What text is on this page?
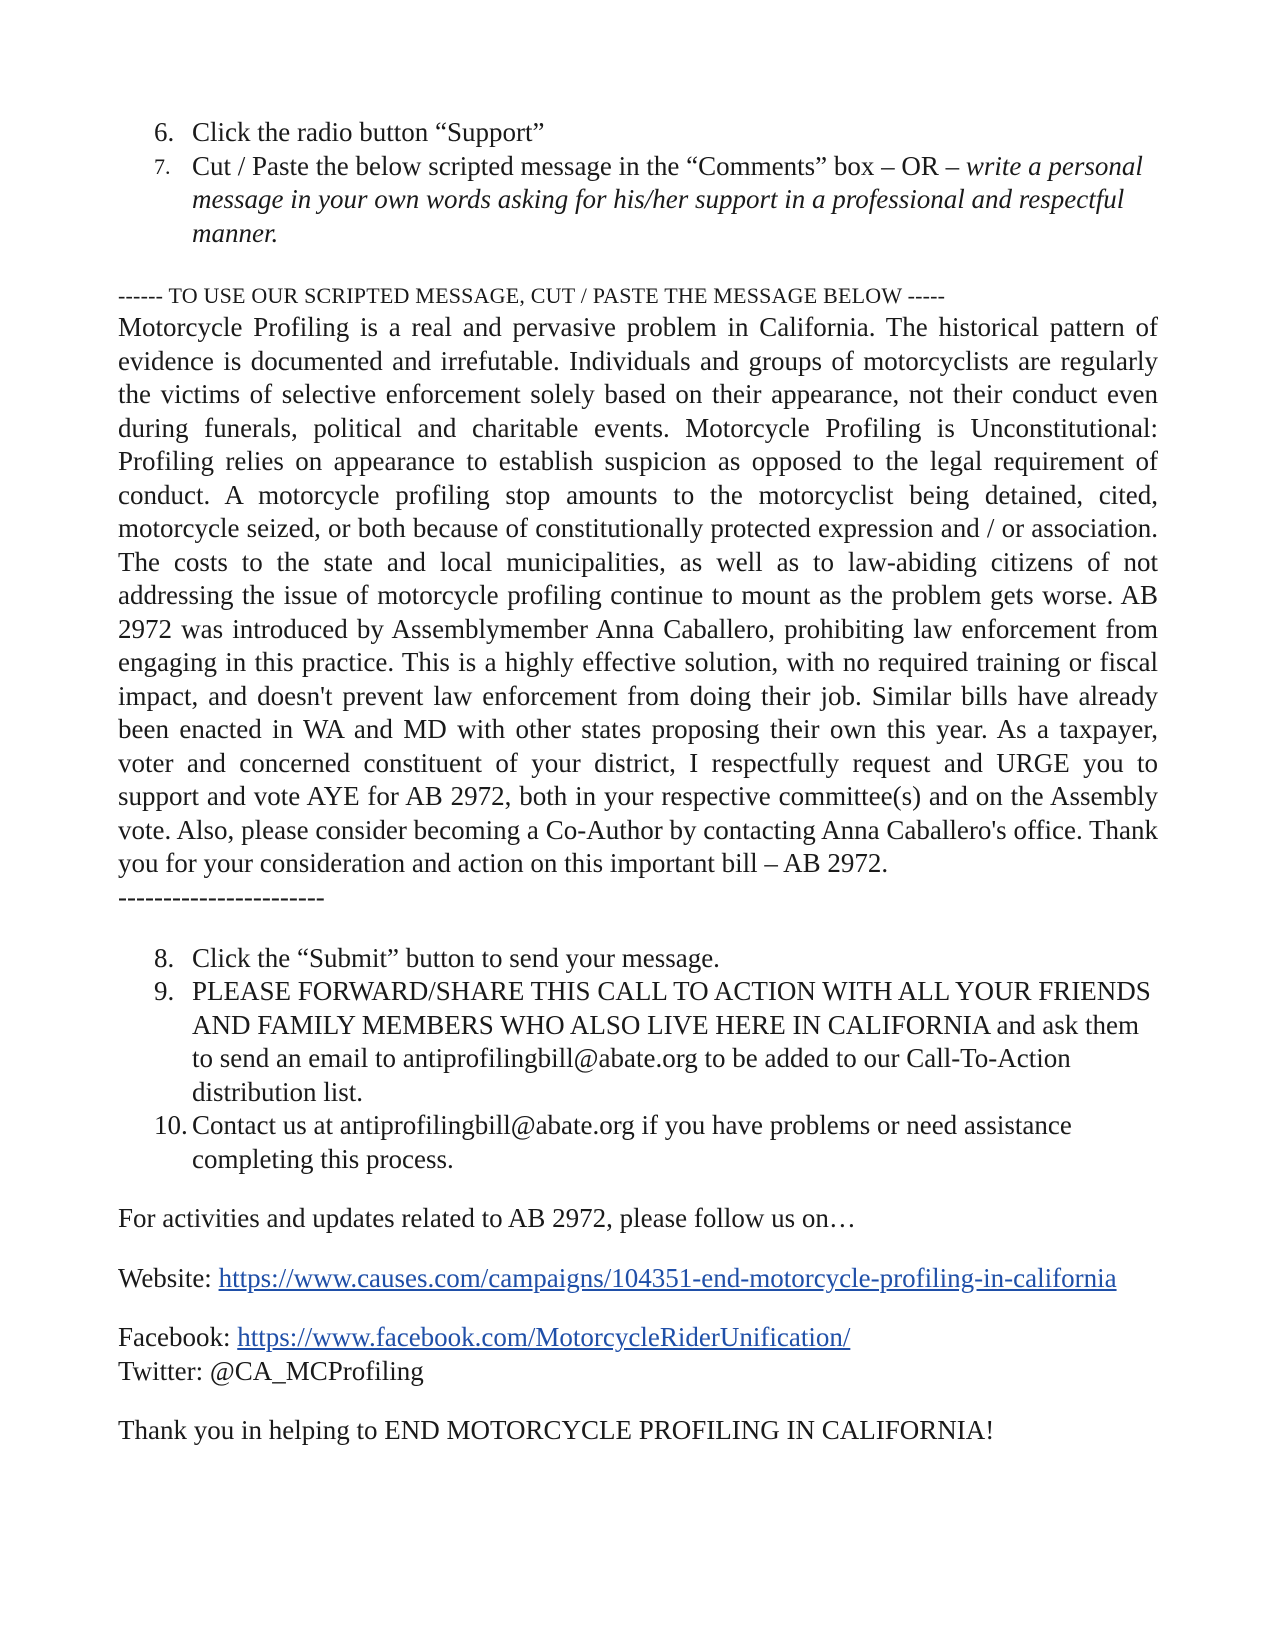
6. Click the radio button “Support”
7. Cut / Paste the below scripted message in the “Comments” box – OR – write a personal message in your own words asking for his/her support in a professional and respectful manner.
------ TO USE OUR SCRIPTED MESSAGE, CUT / PASTE THE MESSAGE BELOW -----

Motorcycle Profiling is a real and pervasive problem in California. The historical pattern of evidence is documented and irrefutable. Individuals and groups of motorcyclists are regularly the victims of selective enforcement solely based on their appearance, not their conduct even during funerals, political and charitable events. Motorcycle Profiling is Unconstitutional: Profiling relies on appearance to establish suspicion as opposed to the legal requirement of conduct. A motorcycle profiling stop amounts to the motorcyclist being detained, cited, motorcycle seized, or both because of constitutionally protected expression and / or association. The costs to the state and local municipalities, as well as to law-abiding citizens of not addressing the issue of motorcycle profiling continue to mount as the problem gets worse. AB 2972 was introduced by Assemblymember Anna Caballero, prohibiting law enforcement from engaging in this practice. This is a highly effective solution, with no required training or fiscal impact, and doesn't prevent law enforcement from doing their job. Similar bills have already been enacted in WA and MD with other states proposing their own this year. As a taxpayer, voter and concerned constituent of your district, I respectfully request and URGE you to support and vote AYE for AB 2972, both in your respective committee(s) and on the Assembly vote. Also, please consider becoming a Co-Author by contacting Anna Caballero's office. Thank you for your consideration and action on this important bill – AB 2972.

-----------------------
8. Click the “Submit” button to send your message.
9. PLEASE FORWARD/SHARE THIS CALL TO ACTION WITH ALL YOUR FRIENDS AND FAMILY MEMBERS WHO ALSO LIVE HERE IN CALIFORNIA and ask them to send an email to antiprofilingbill@abate.org to be added to our Call-To-Action distribution list.
10. Contact us at antiprofilingbill@abate.org if you have problems or need assistance completing this process.

For activities and updates related to AB 2972, please follow us on…

Website: https://www.causes.com/campaigns/104351-end-motorcycle-profiling-in-california

Facebook: https://www.facebook.com/MotorcycleRiderUnification/

Twitter: @CA_MCProfiling

Thank you in helping to END MOTORCYCLE PROFILING IN CALIFORNIA!
